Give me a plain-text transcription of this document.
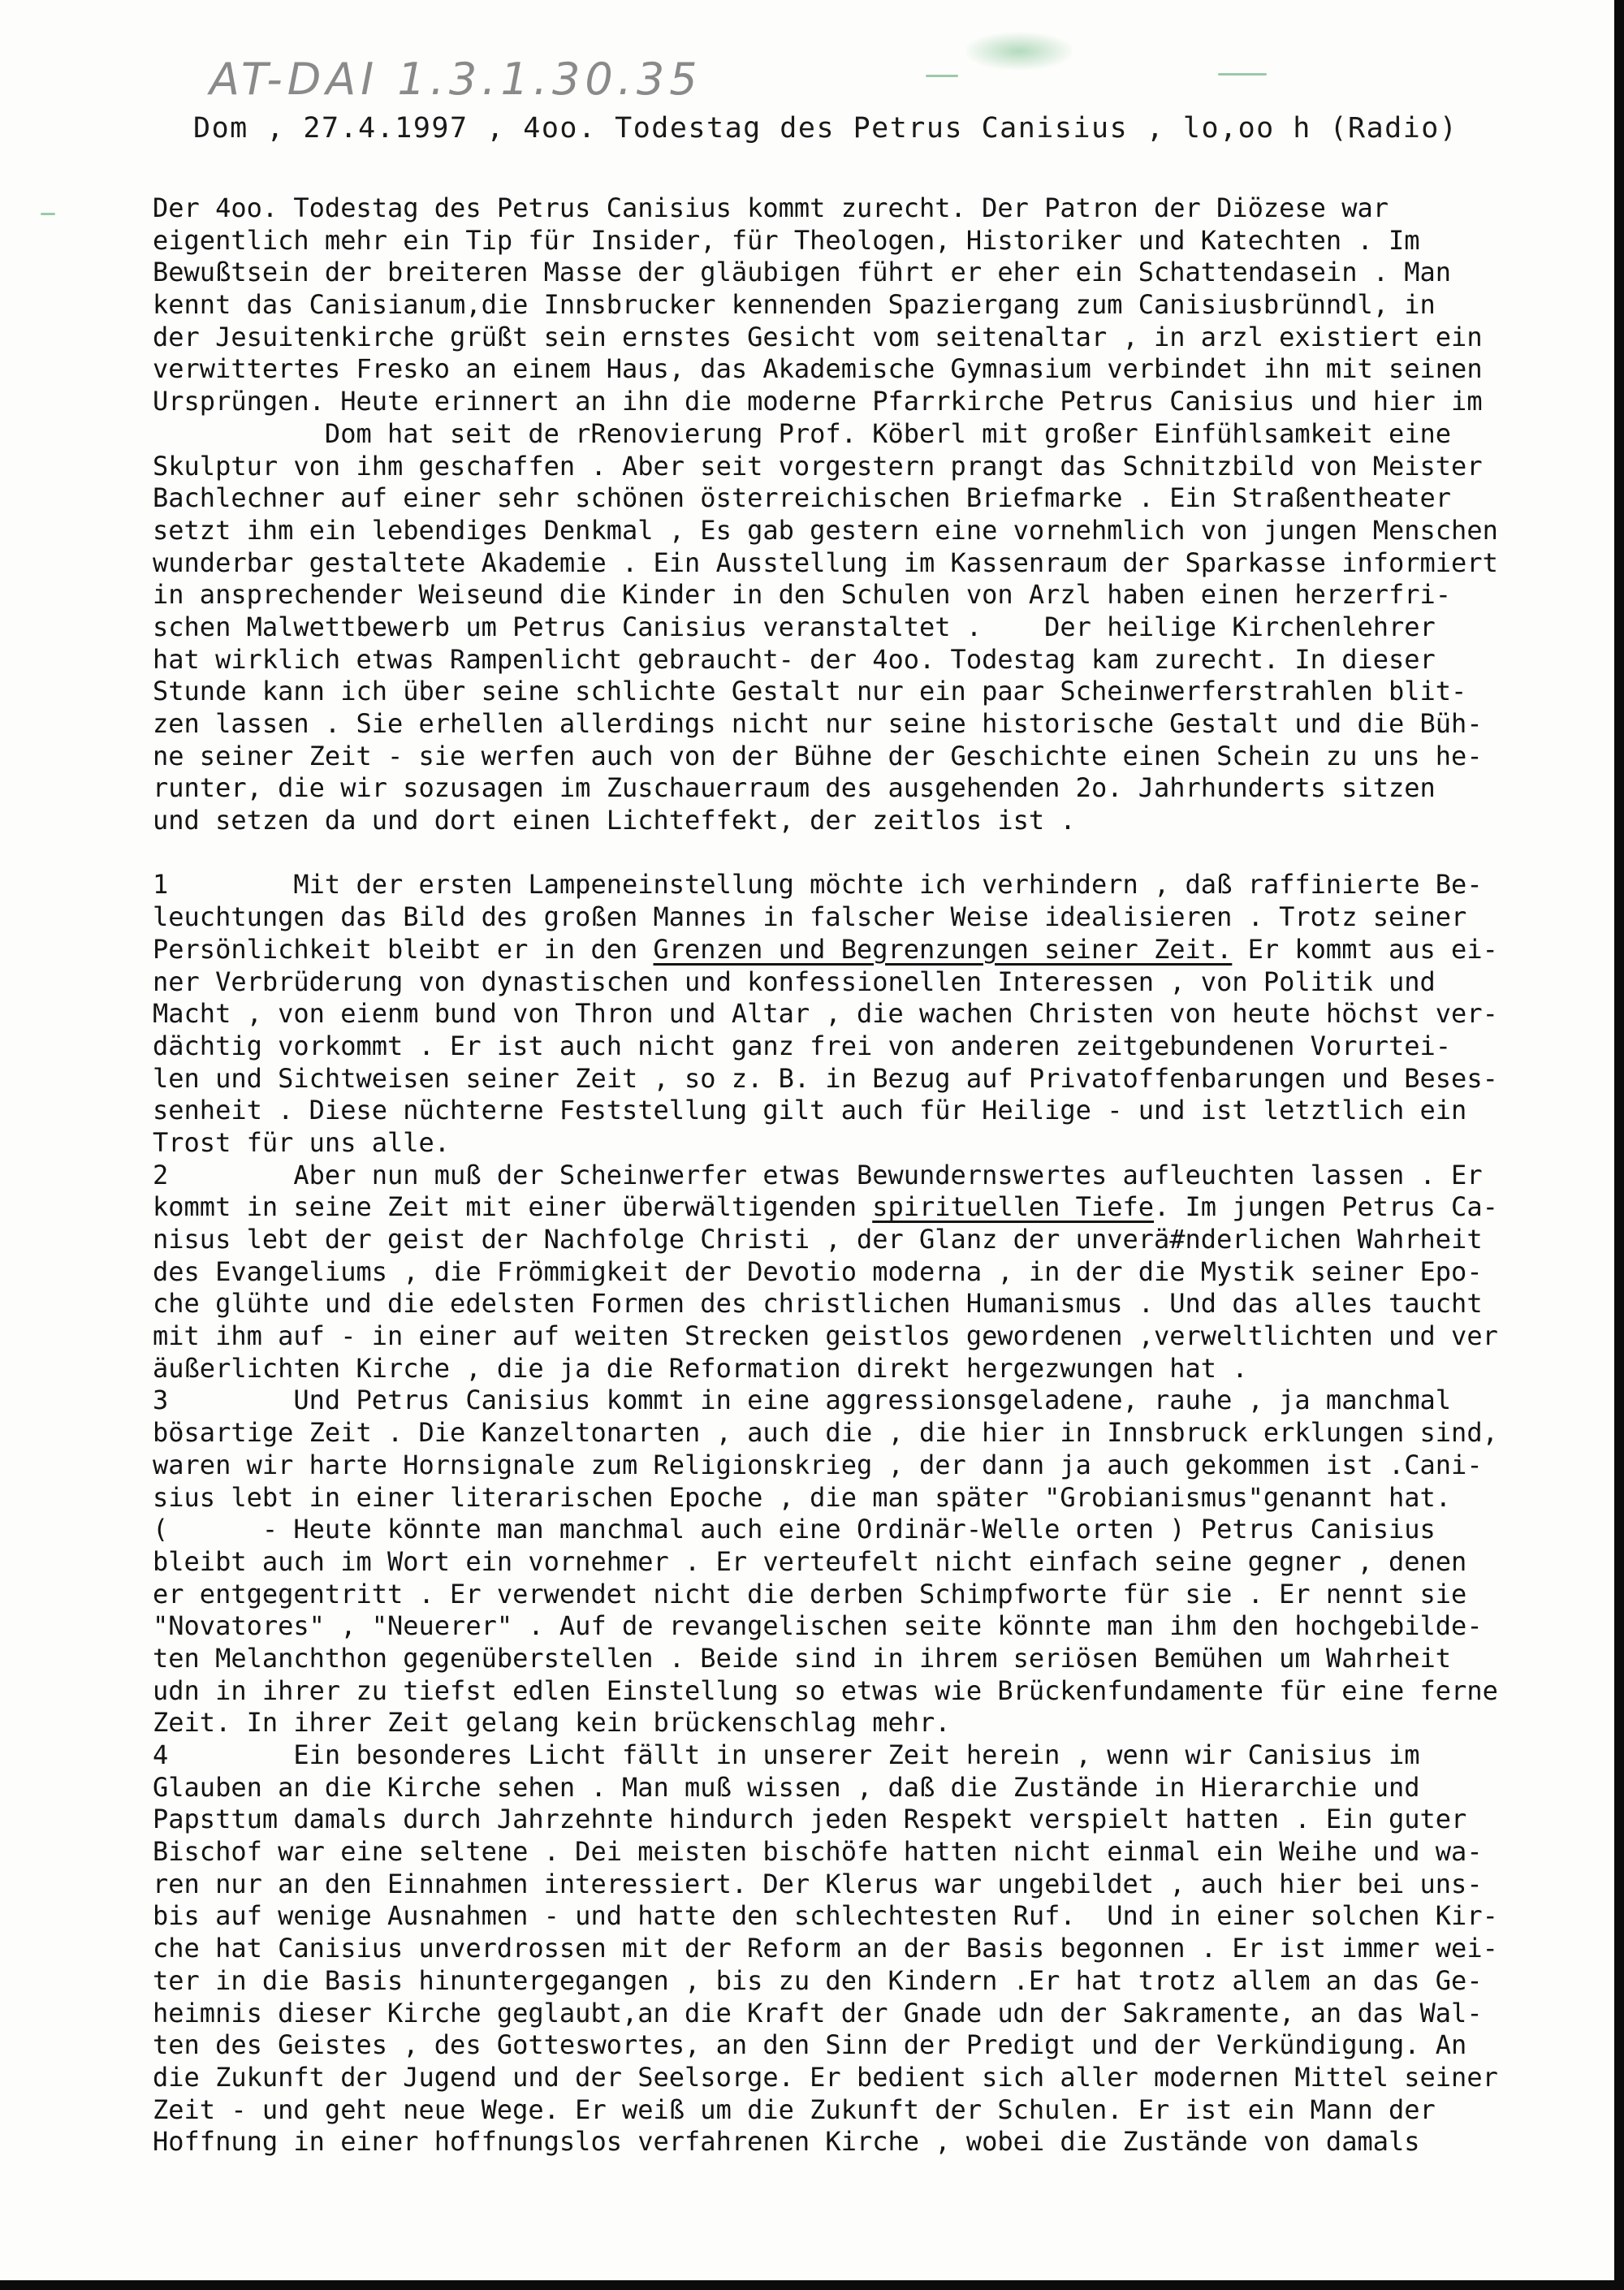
AT-DAI 1.3.1.30.35
Dom , 27.4.1997 , 4oo. Todestag des Petrus Canisius , lo,oo h (Radio)
Der 4oo. Todestag des Petrus Canisius kommt zurecht. Der Patron der Diözese war
eigentlich mehr ein Tip für Insider, für Theologen, Historiker und Katechten . Im
Bewußtsein der breiteren Masse der gläubigen führt er eher ein Schattendasein . Man
kennt das Canisianum,die Innsbrucker kennenden Spaziergang zum Canisiusbrünndl, in
der Jesuitenkirche grüßt sein ernstes Gesicht vom seitenaltar , in arzl existiert ein
verwittertes Fresko an einem Haus, das Akademische Gymnasium verbindet ihn mit seinen
Ursprüngen. Heute erinnert an ihn die moderne Pfarrkirche Petrus Canisius und hier im
Dom hat seit de rRenovierung Prof. Köberl mit großer Einfühlsamkeit eine
Skulptur von ihm geschaffen . Aber seit vorgestern prangt das Schnitzbild von Meister
Bachlechner auf einer sehr schönen österreichischen Briefmarke . Ein Straßentheater
setzt ihm ein lebendiges Denkmal , Es gab gestern eine vornehmlich von jungen Menschen
wunderbar gestaltete Akademie . Ein Ausstellung im Kassenraum der Sparkasse informiert
in ansprechender Weiseund die Kinder in den Schulen von Arzl haben einen herzerfri-
schen Malwettbewerb um Petrus Canisius veranstaltet .    Der heilige Kirchenlehrer
hat wirklich etwas Rampenlicht gebraucht- der 4oo. Todestag kam zurecht. In dieser
Stunde kann ich über seine schlichte Gestalt nur ein paar Scheinwerferstrahlen blit-
zen lassen . Sie erhellen allerdings nicht nur seine historische Gestalt und die Büh-
ne seiner Zeit - sie werfen auch von der Bühne der Geschichte einen Schein zu uns he-
runter, die wir sozusagen im Zuschauerraum des ausgehenden 2o. Jahrhunderts sitzen
und setzen da und dort einen Lichteffekt, der zeitlos ist .
1        Mit der ersten Lampeneinstellung möchte ich verhindern , daß raffinierte Be-
leuchtungen das Bild des großen Mannes in falscher Weise idealisieren . Trotz seiner
Persönlichkeit bleibt er in den Grenzen und Begrenzungen seiner Zeit. Er kommt aus ei-
ner Verbrüderung von dynastischen und konfessionellen Interessen , von Politik und
Macht , von eienm bund von Thron und Altar , die wachen Christen von heute höchst ver-
dächtig vorkommt . Er ist auch nicht ganz frei von anderen zeitgebundenen Vorurtei-
len und Sichtweisen seiner Zeit , so z. B. in Bezug auf Privatoffenbarungen und Beses-
senheit . Diese nüchterne Feststellung gilt auch für Heilige - und ist letztlich ein
Trost für uns alle.
2        Aber nun muß der Scheinwerfer etwas Bewundernswertes aufleuchten lassen . Er
kommt in seine Zeit mit einer überwältigenden spirituellen Tiefe. Im jungen Petrus Ca-
nisus lebt der geist der Nachfolge Christi , der Glanz der unverä#nderlichen Wahrheit
des Evangeliums , die Frömmigkeit der Devotio moderna , in der die Mystik seiner Epo-
che glühte und die edelsten Formen des christlichen Humanismus . Und das alles taucht
mit ihm auf - in einer auf weiten Strecken geistlos gewordenen ,verweltlichten und ver
äußerlichten Kirche , die ja die Reformation direkt hergezwungen hat .
3        Und Petrus Canisius kommt in eine aggressionsgeladene, rauhe , ja manchmal
bösartige Zeit . Die Kanzeltonarten , auch die , die hier in Innsbruck erklungen sind,
waren wir harte Hornsignale zum Religionskrieg , der dann ja auch gekommen ist .Cani-
sius lebt in einer literarischen Epoche , die man später "Grobianismus"genannt hat.
(      - Heute könnte man manchmal auch eine Ordinär-Welle orten ) Petrus Canisius
bleibt auch im Wort ein vornehmer . Er verteufelt nicht einfach seine gegner , denen
er entgegentritt . Er verwendet nicht die derben Schimpfworte für sie . Er nennt sie
"Novatores" , "Neuerer" . Auf de revangelischen seite könnte man ihm den hochgebilde-
ten Melanchthon gegenüberstellen . Beide sind in ihrem seriösen Bemühen um Wahrheit
udn in ihrer zu tiefst edlen Einstellung so etwas wie Brückenfundamente für eine ferne
Zeit. In ihrer Zeit gelang kein brückenschlag mehr.
4        Ein besonderes Licht fällt in unserer Zeit herein , wenn wir Canisius im
Glauben an die Kirche sehen . Man muß wissen , daß die Zustände in Hierarchie und
Papsttum damals durch Jahrzehnte hindurch jeden Respekt verspielt hatten . Ein guter
Bischof war eine seltene . Dei meisten bischöfe hatten nicht einmal ein Weihe und wa-
ren nur an den Einnahmen interessiert. Der Klerus war ungebildet , auch hier bei uns-
bis auf wenige Ausnahmen - und hatte den schlechtesten Ruf.  Und in einer solchen Kir-
che hat Canisius unverdrossen mit der Reform an der Basis begonnen . Er ist immer wei-
ter in die Basis hinuntergegangen , bis zu den Kindern .Er hat trotz allem an das Ge-
heimnis dieser Kirche geglaubt,an die Kraft der Gnade udn der Sakramente, an das Wal-
ten des Geistes , des Gotteswortes, an den Sinn der Predigt und der Verkündigung. An
die Zukunft der Jugend und der Seelsorge. Er bedient sich aller modernen Mittel seiner
Zeit - und geht neue Wege. Er weiß um die Zukunft der Schulen. Er ist ein Mann der
Hoffnung in einer hoffnungslos verfahrenen Kirche , wobei die Zustände von damals
